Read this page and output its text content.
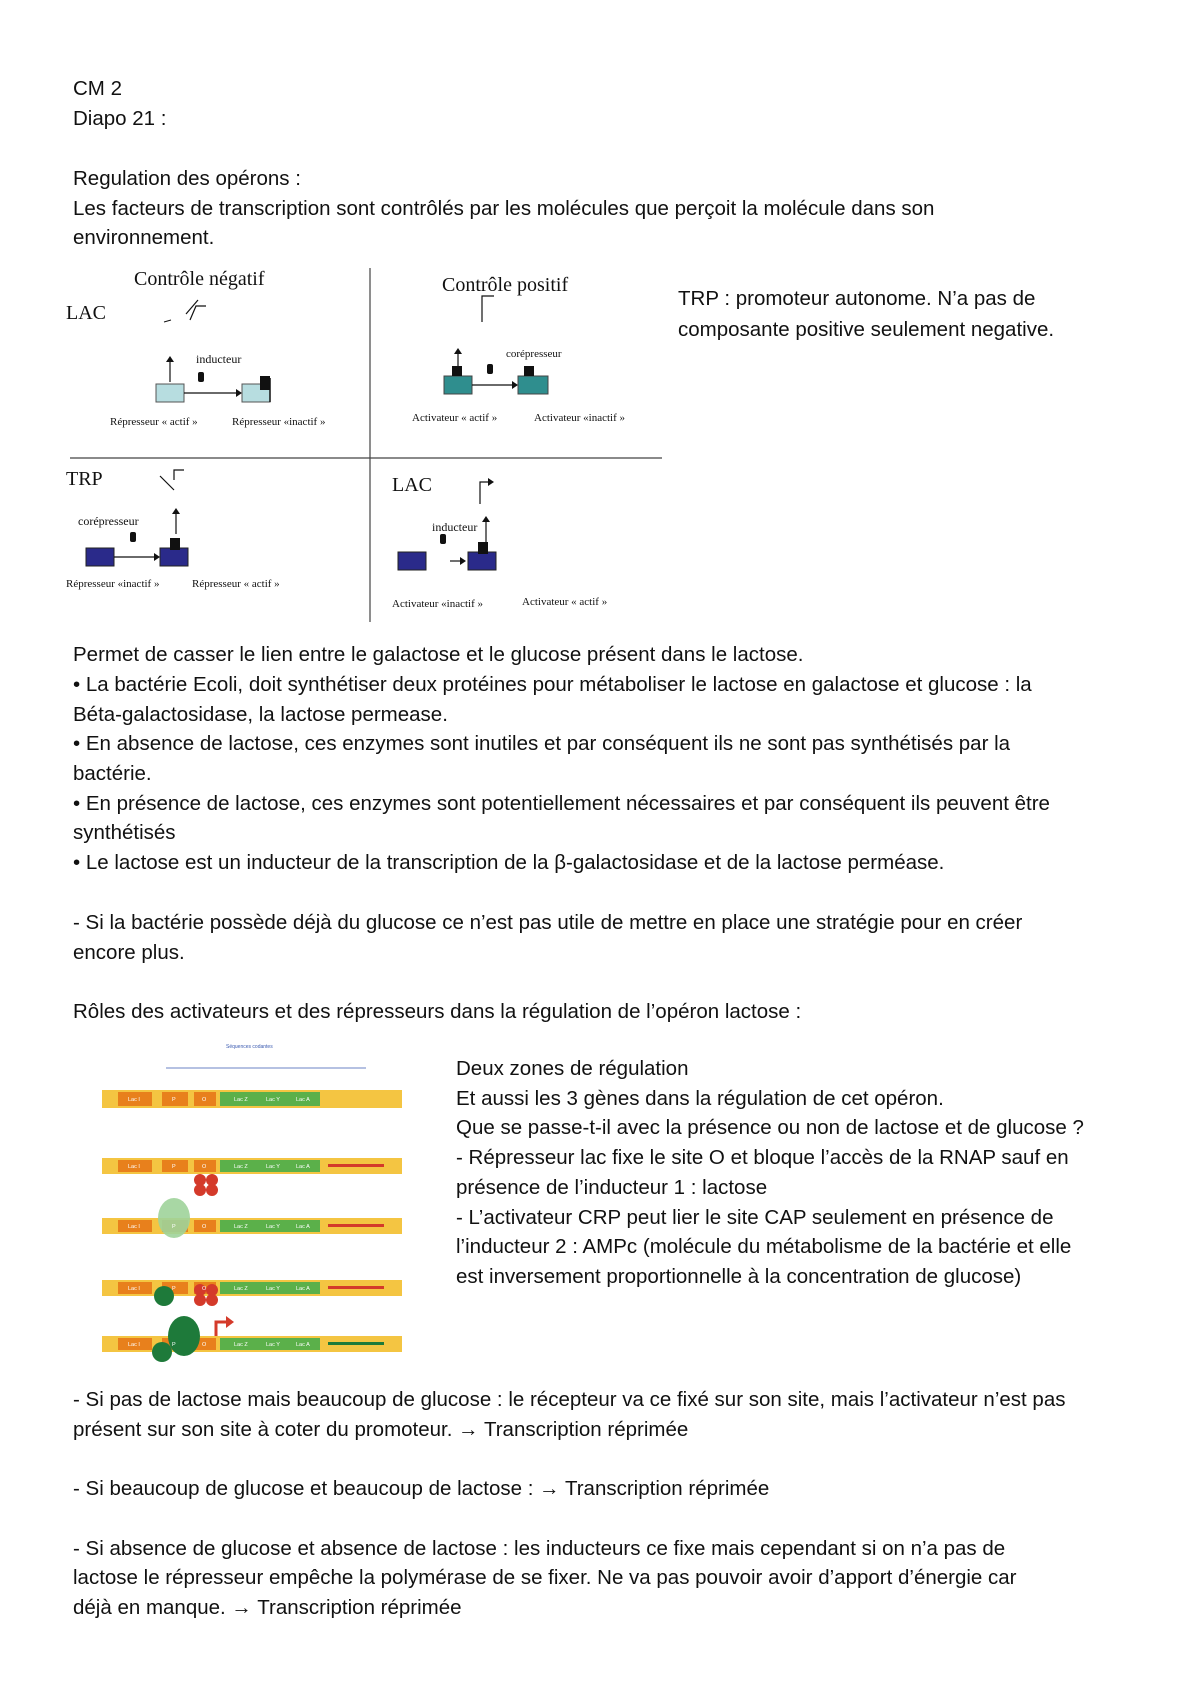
CM 2
Diapo 21 :
Regulation des opérons :
Les facteurs de transcription sont contrôlés par les molécules que perçoit la molécule dans son
environnement.
Contrôle négatif	Contrôle positif
LAC
inducteur
Répresseur « actif »	Répresseur «inactif »
corépresseur
Activateur « actif »	Activateur «inactif »
TRP
corépresseur
Répresseur «inactif »	Répresseur « actif »
LAC
inducteur
Activateur «inactif »	Activateur « actif »
TRP : promoteur autonome. N’a pas de
composante positive seulement negative.
Permet de casser le lien entre le galactose et le glucose présent dans le lactose.
• La bactérie Ecoli, doit synthétiser deux protéines pour métaboliser le lactose en galactose et glucose : la
Béta-galactosidase, la lactose permease.
• En absence de lactose, ces enzymes sont inutiles et par conséquent ils ne sont pas synthétisés par la
bactérie.
• En présence de lactose, ces enzymes sont potentiellement nécessaires et par conséquent ils peuvent être
synthétisés
• Le lactose est un inducteur de la transcription de la β-galactosidase et de la lactose perméase.
- Si la bactérie possède déjà du glucose ce n’est pas utile de mettre en place une stratégie pour en créer
encore plus.
Rôles des activateurs et des répresseurs dans la régulation de l’opéron lactose :
Séquences codantes
Lac I	P	O	Lac Z	Lac Y	Lac A
Lac I	P	O	Lac Z	Lac Y	Lac A
Lac I	P	O	Lac Z	Lac Y	Lac A
Lac I	P	O	Lac Z	Lac Y	Lac A
Lac I	P	O	Lac Z	Lac Y	Lac A
Deux zones de régulation
Et aussi les 3 gènes dans la régulation de cet opéron.
Que se passe-t-il avec la présence ou non de lactose et de glucose ?
- Répresseur lac fixe le site O et bloque l’accès de la RNAP sauf en
présence de l’inducteur 1 : lactose
- L’activateur CRP peut lier le site CAP seulement en présence de
l’inducteur 2 : AMPc (molécule du métabolisme de la bactérie et elle
est inversement proportionnelle à la concentration de glucose)
- Si pas de lactose mais beaucoup de glucose : le récepteur va ce fixé sur son site, mais l’activateur n’est pas
présent sur son site à coter du promoteur. → Transcription réprimée
- Si beaucoup de glucose et beaucoup de lactose : → Transcription réprimée
- Si absence de glucose et absence de lactose : les inducteurs ce fixe mais cependant si on n’a pas de
lactose le répresseur empêche la polymérase de se fixer. Ne va pas pouvoir avoir d’apport d’énergie car
déjà en manque. → Transcription réprimée
